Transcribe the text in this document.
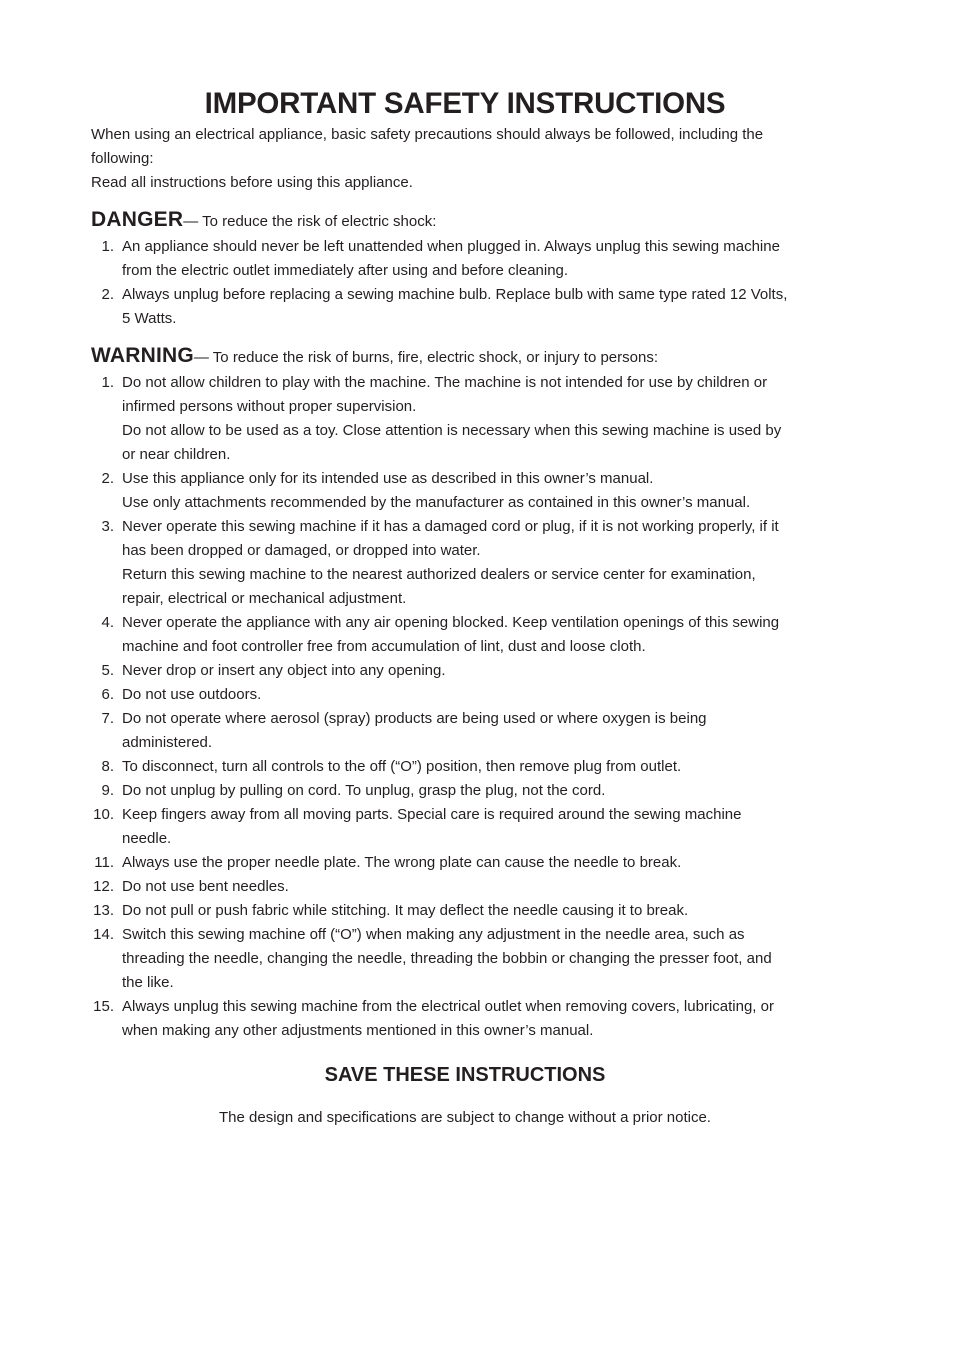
IMPORTANT SAFETY INSTRUCTIONS

When using an electrical appliance, basic safety precautions should always be followed, including the

following:

Read all instructions before using this appliance.

DANGER— To reduce the risk of electric shock:
1. An appliance should never be left unattended when plugged in. Always unplug this sewing machine
from the electric outlet immediately after using and before cleaning.
2. Always unplug before replacing a sewing machine bulb. Replace bulb with same type rated 12 Volts,
5 Watts.
WARNING— To reduce the risk of burns, fire, electric shock, or injury to persons:
1. Do not allow children to play with the machine. The machine is not intended for use by children or
infirmed persons without proper supervision.
Do not allow to be used as a toy. Close attention is necessary when this sewing machine is used by
or near children.
2. Use this appliance only for its intended use as described in this owner’s manual.
Use only attachments recommended by the manufacturer as contained in this owner’s manual.
3. Never operate this sewing machine if it has a damaged cord or plug, if it is not working properly, if it
has been dropped or damaged, or dropped into water.
Return this sewing machine to the nearest authorized dealers or service center for examination,
repair, electrical or mechanical adjustment.
4. Never operate the appliance with any air opening blocked. Keep ventilation openings of this sewing
machine and foot controller free from accumulation of lint, dust and loose cloth.
5. Never drop or insert any object into any opening.
6. Do not use outdoors.
7. Do not operate where aerosol (spray) products are being used or where oxygen is being
administered.
8. To disconnect, turn all controls to the off (“O”) position, then remove plug from outlet.
9. Do not unplug by pulling on cord. To unplug, grasp the plug, not the cord.
10. Keep fingers away from all moving parts. Special care is required around the sewing machine
needle.
11. Always use the proper needle plate. The wrong plate can cause the needle to break.
12. Do not use bent needles.
13. Do not pull or push fabric while stitching. It may deflect the needle causing it to break.
14. Switch this sewing machine off (“O”) when making any adjustment in the needle area, such as
threading the needle, changing the needle, threading the bobbin or changing the presser foot, and
the like.
15. Always unplug this sewing machine from the electrical outlet when removing covers, lubricating, or
when making any other adjustments mentioned in this owner’s manual.
SAVE THESE INSTRUCTIONS
The design and specifications are subject to change without a prior notice.
